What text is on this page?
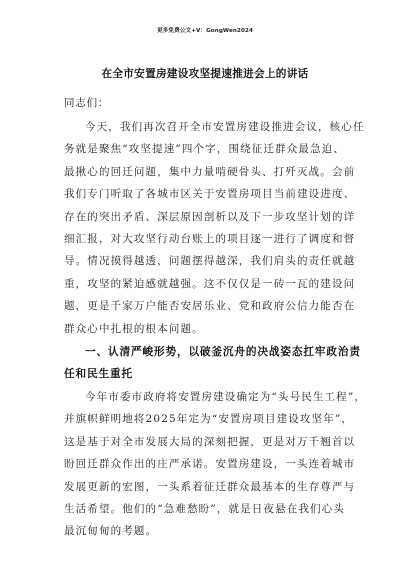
更多免费公文+V：GongWen2024
在全市安置房建设攻坚提速推进会上的讲话
同志们：

今天，我们再次召开全市安置房建设推进会议，核心任
务就是聚焦“攻坚提速”四个字，围绕征迁群众最急迫、
最揪心的回迁问题，集中力量啃硬骨头、打歼灭战。会前
我们专门听取了各城市区关于安置房项目当前建设进度、
存在的突出矛盾、深层原因剖析以及下一步攻坚计划的详
细汇报，对大攻坚行动台账上的项目逐一进行了调度和督
导。情况摸得越透，问题摆得越深，我们肩头的责任就越
重，攻坚的紧迫感就越强。这不仅仅是一砖一瓦的建设问
题，更是千家万户能否安居乐业、党和政府公信力能否在
群众心中扎根的根本问题。

一、认清严峻形势，以破釜沉舟的决战姿态扛牢政治责
任和民生重托

今年市委市政府将安置房建设确定为“头号民生工程”，
并旗帜鲜明地将2025年定为“安置房项目建设攻坚年”，
这是基于对全市发展大局的深刻把握，更是对万千翘首以
盼回迁群众作出的庄严承诺。安置房建设，一头连着城市
发展更新的宏图，一头系着征迁群众最基本的生存尊严与
生活希望。他们的“急难愁盼”，就是日夜悬在我们心头
最沉甸甸的考题。
